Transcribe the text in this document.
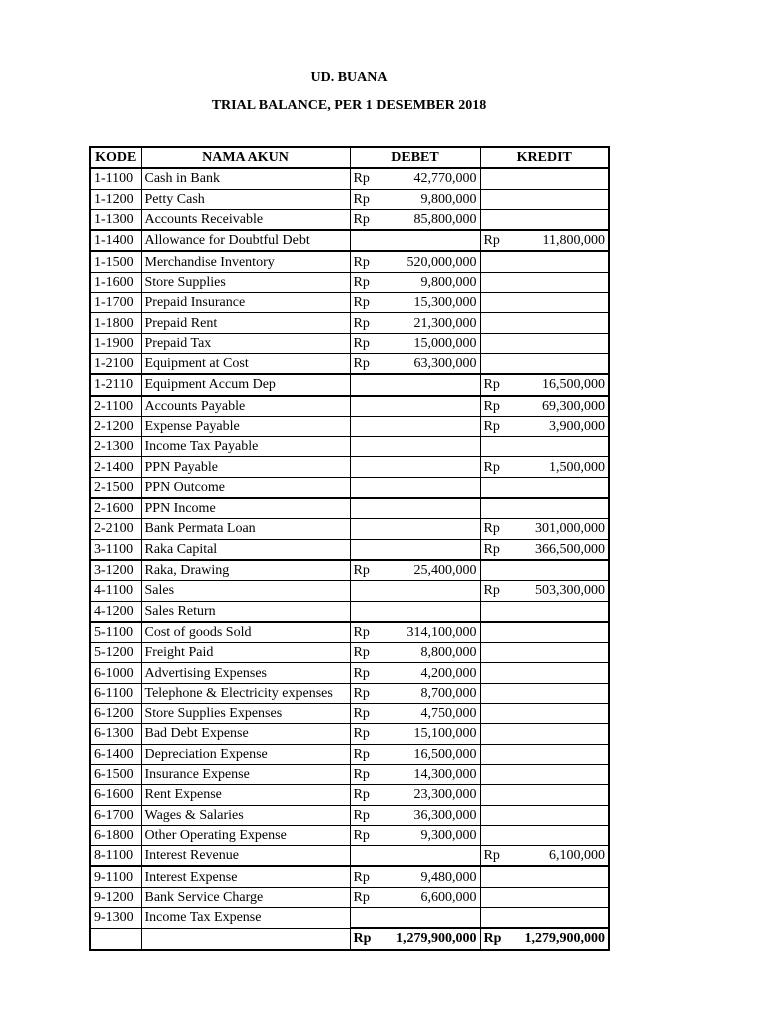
UD. BUANA
TRIAL BALANCE, PER 1 DESEMBER 2018
KODE	NAMA AKUN	DEBET		KREDIT	
1-1100	Cash in Bank	Rp	42,770,000		
1-1200	Petty Cash	Rp	9,800,000		
1-1300	Accounts Receivable	Rp	85,800,000		
1-1400	Allowance for Doubtful Debt			Rp	11,800,000
1-1500	Merchandise Inventory	Rp	520,000,000		
1-1600	Store Supplies	Rp	9,800,000		
1-1700	Prepaid Insurance	Rp	15,300,000		
1-1800	Prepaid Rent	Rp	21,300,000		
1-1900	Prepaid Tax	Rp	15,000,000		
1-2100	Equipment at Cost	Rp	63,300,000		
1-2110	Equipment Accum Dep			Rp	16,500,000
2-1100	Accounts Payable			Rp	69,300,000
2-1200	Expense Payable			Rp	3,900,000
2-1300	Income Tax Payable				
2-1400	PPN Payable			Rp	1,500,000
2-1500	PPN Outcome				
2-1600	PPN Income				
2-2100	Bank Permata Loan			Rp	301,000,000
3-1100	Raka Capital			Rp	366,500,000
3-1200	Raka, Drawing	Rp	25,400,000		
4-1100	Sales			Rp	503,300,000
4-1200	Sales Return				
5-1100	Cost of goods Sold	Rp	314,100,000		
5-1200	Freight Paid	Rp	8,800,000		
6-1000	Advertising Expenses	Rp	4,200,000		
6-1100	Telephone & Electricity expenses	Rp	8,700,000		
6-1200	Store Supplies Expenses	Rp	4,750,000		
6-1300	Bad Debt Expense	Rp	15,100,000		
6-1400	Depreciation Expense	Rp	16,500,000		
6-1500	Insurance Expense	Rp	14,300,000		
6-1600	Rent Expense	Rp	23,300,000		
6-1700	Wages & Salaries	Rp	36,300,000		
6-1800	Other Operating Expense	Rp	9,300,000		
8-1100	Interest Revenue			Rp	6,100,000
9-1100	Interest Expense	Rp	9,480,000		
9-1200	Bank Service Charge	Rp	6,600,000		
9-1300	Income Tax Expense				
		Rp	1,279,900,000	Rp	1,279,900,000
